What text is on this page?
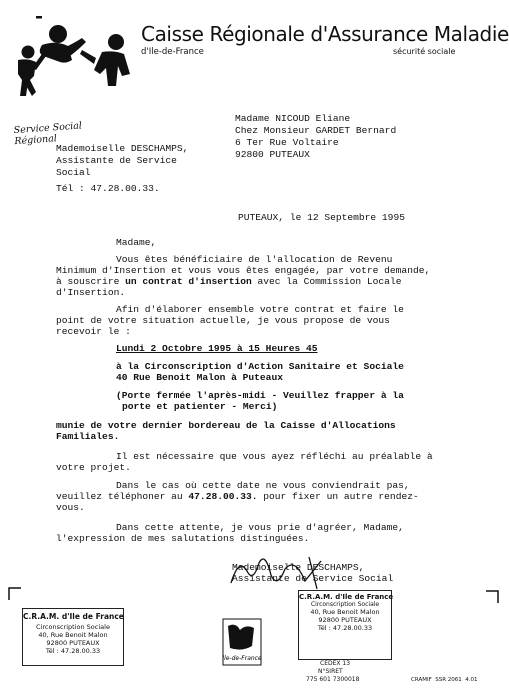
Caisse Régionale d'Assurance Maladie
d'Ile-de-France	sécurité sociale
Service Social Régional
Mademoiselle DESCHAMPS,
Assistante de Service
Social
Tél : 47.28.00.33.
Madame NICOUD Eliane
Chez Monsieur GARDET Bernard
6 Ter Rue Voltaire
92800 PUTEAUX
PUTEAUX, le 12 Septembre 1995
Madame,
Vous êtes bénéficiaire de l'allocation de Revenu
Minimum d'Insertion et vous vous êtes engagée, par votre demande,
à souscrire un contrat d'insertion avec la Commission Locale
d'Insertion.
Afin d'élaborer ensemble votre contrat et faire le
point de votre situation actuelle, je vous propose de vous
recevoir le :
Lundi 2 Octobre 1995 à 15 Heures 45
à la Circonscription d'Action Sanitaire et Sociale
40 Rue Benoit Malon à Puteaux
(Porte fermée l'après-midi - Veuillez frapper à la
porte et patienter - Merci)
munie de votre dernier bordereau de la Caisse d'Allocations
Familiales.
Il est nécessaire que vous ayez réfléchi au préalable à
votre projet.
Dans le cas où cette date ne vous conviendrait pas,
veuillez téléphoner au 47.28.00.33. pour fixer un autre rendez-
vous.
Dans cette attente, je vous prie d'agréer, Madame,
l'expression de mes salutations distinguées.
Mademoiselle DESCHAMPS,
Assistante de Service Social
C.R.A.M. d'Ile de France
Circonscription Sociale
40, Rue Benoit Malon
92800 PUTEAUX
Tél : 47.28.00.33
Ile-de-France
C.R.A.M. d'Ile de France
Circonscription Sociale
40, Rue Benoit Malon
92800 PUTEAUX
Tél : 47.28.00.33
CEDEX 13
N°SIRET
775 601 7300018	CRAMIF  SSR 2061  4.01
